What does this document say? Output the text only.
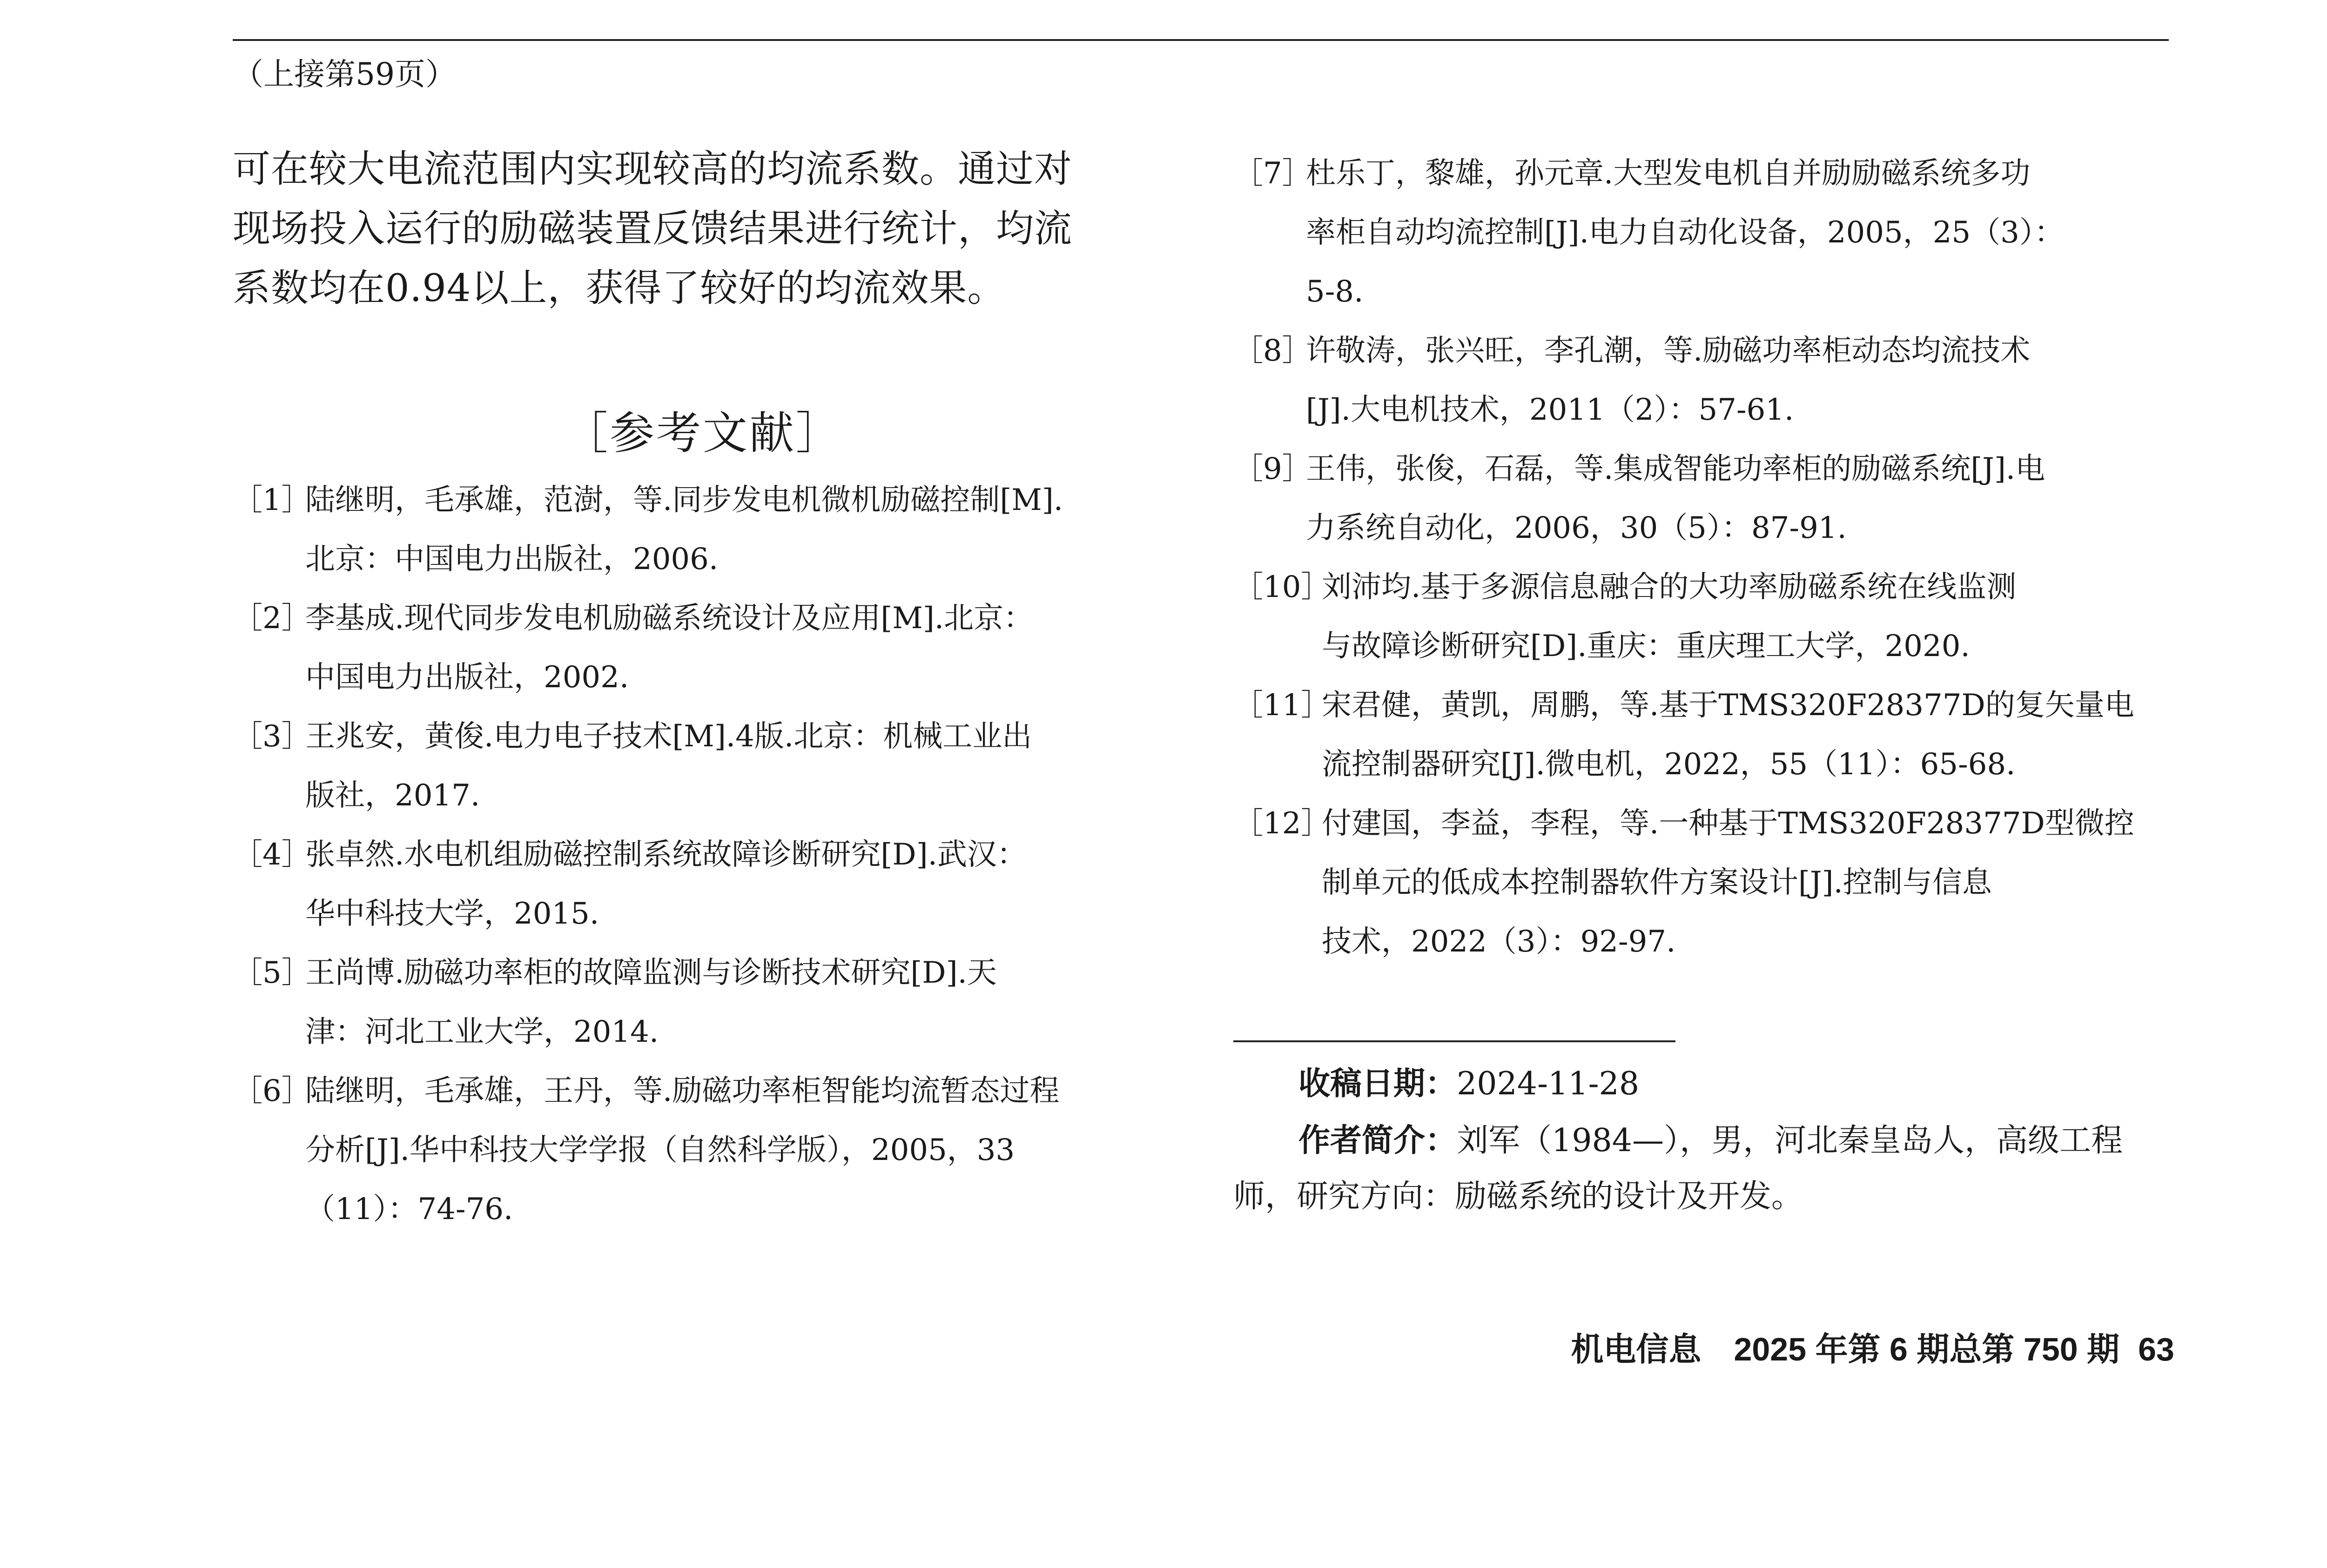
（上接第59页）

可在较大电流范围内实现较高的均流系数。通过对

现场投入运行的励磁装置反馈结果进行统计，均流

系数均在0.94以上，获得了较好的均流效果。

［参考文献］
［1］
陆继明，毛承雄，范澍，等.同步发电机微机励磁控制[M].
北京：中国电力出版社，2006.
［2］
李基成.现代同步发电机励磁系统设计及应用[M].北京：
中国电力出版社，2002.
［3］
王兆安，黄俊.电力电子技术[M].4版.北京：机械工业出
版社，2017.
［4］
张卓然.水电机组励磁控制系统故障诊断研究[D].武汉：
华中科技大学，2015.
［5］
王尚博.励磁功率柜的故障监测与诊断技术研究[D].天
津：河北工业大学，2014.
［6］
陆继明，毛承雄，王丹，等.励磁功率柜智能均流暂态过程
分析[J].华中科技大学学报（自然科学版），2005，33
（11）：74-76.
［7］
杜乐丁，黎雄，孙元章.大型发电机自并励励磁系统多功
率柜自动均流控制[J].电力自动化设备，2005，25（3）：
5-8.
［8］
许敬涛，张兴旺，李孔潮，等.励磁功率柜动态均流技术
[J].大电机技术，2011（2）：57-61.
［9］
王伟，张俊，石磊，等.集成智能功率柜的励磁系统[J].电
力系统自动化，2006，30（5）：87-91.
［10］
刘沛均.基于多源信息融合的大功率励磁系统在线监测
与故障诊断研究[D].重庆：重庆理工大学，2020.
［11］
宋君健，黄凯，周鹏，等.基于TMS320F28377D的复矢量电
流控制器研究[J].微电机，2022，55（11）：65-68.
［12］
付建国，李益，李程，等.一种基于TMS320F28377D型微控
制单元的低成本控制器软件方案设计[J].控制与信息
技术，2022（3）：92-97.
收稿日期：2024-11-28
作者简介：刘军（1984—），男，河北秦皇岛人，高级工程
师，研究方向：励磁系统的设计及开发。
机电信息 2025 年第 6 期总第 750 期 63
